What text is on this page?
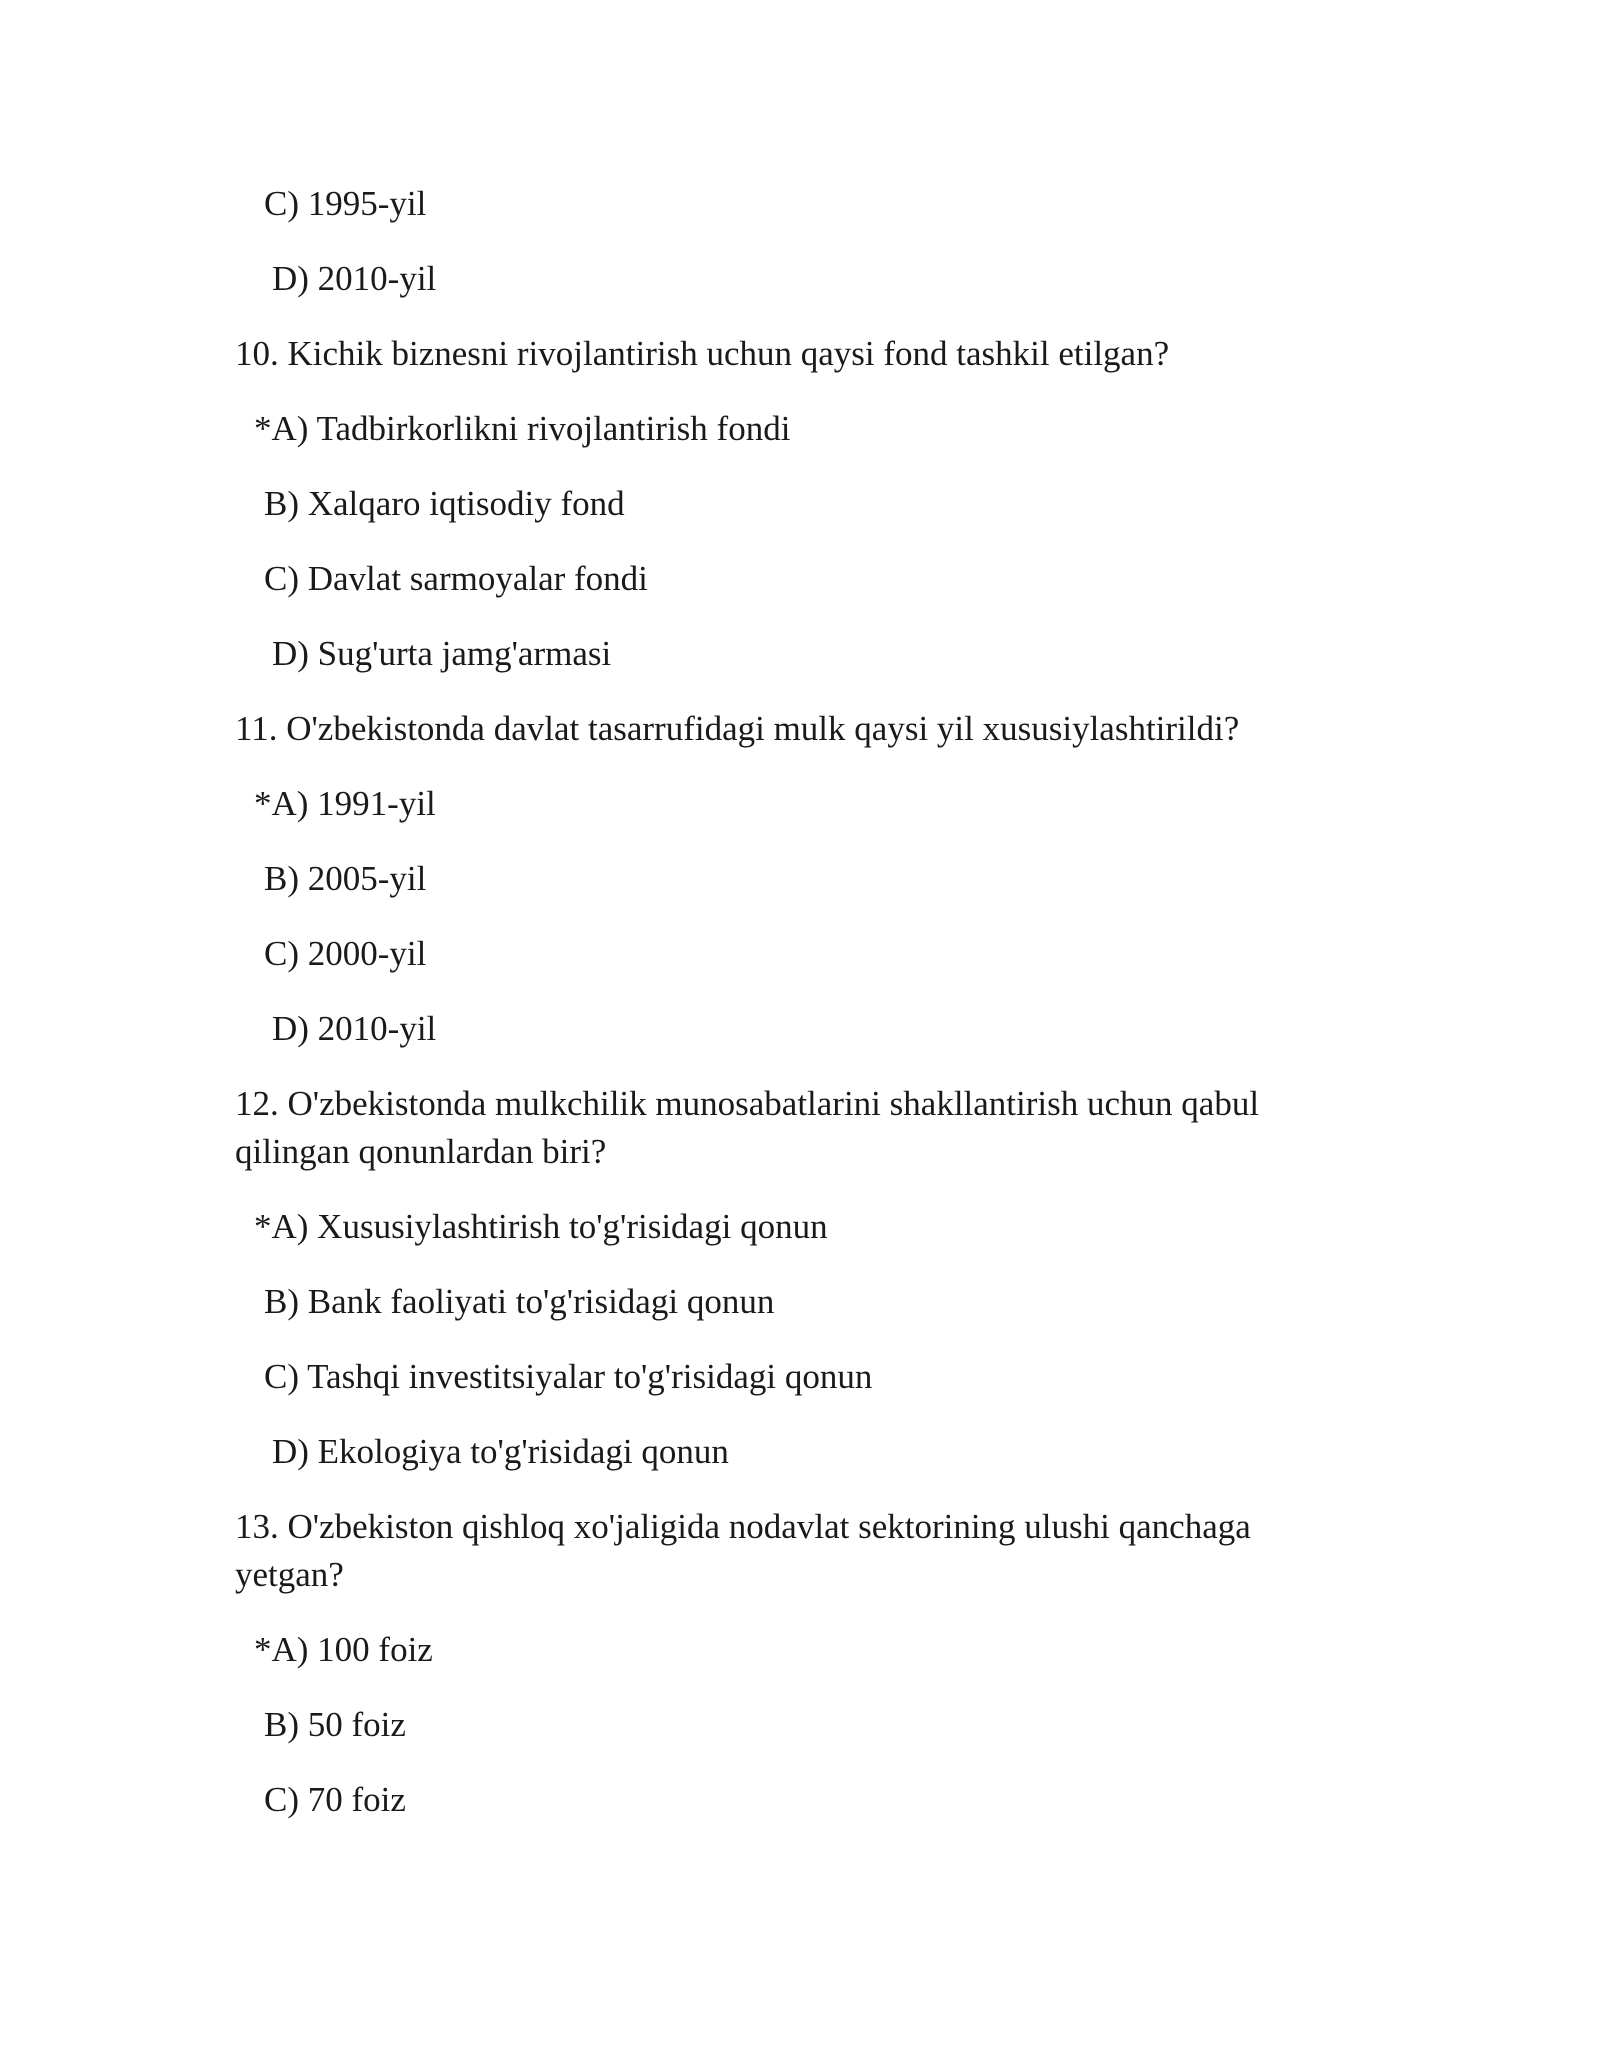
C) 1995-yil
D) 2010-yil
10. Kichik biznesni rivojlantirish uchun qaysi fond tashkil etilgan?
*A) Tadbirkorlikni rivojlantirish fondi
B) Xalqaro iqtisodiy fond
C) Davlat sarmoyalar fondi
D) Sug'urta jamg'armasi
11. O'zbekistonda davlat tasarrufidagi mulk qaysi yil xususiylashtirildi?
*A) 1991-yil
B) 2005-yil
C) 2000-yil
D) 2010-yil
12. O'zbekistonda mulkchilik munosabatlarini shakllantirish uchun qabul qilingan qonunlardan biri?
*A) Xususiylashtirish to'g'risidagi qonun
B) Bank faoliyati to'g'risidagi qonun
C) Tashqi investitsiyalar to'g'risidagi qonun
D) Ekologiya to'g'risidagi qonun
13. O'zbekiston qishloq xo'jaligida nodavlat sektorining ulushi qanchaga yetgan?
*A) 100 foiz
B) 50 foiz
C) 70 foiz
